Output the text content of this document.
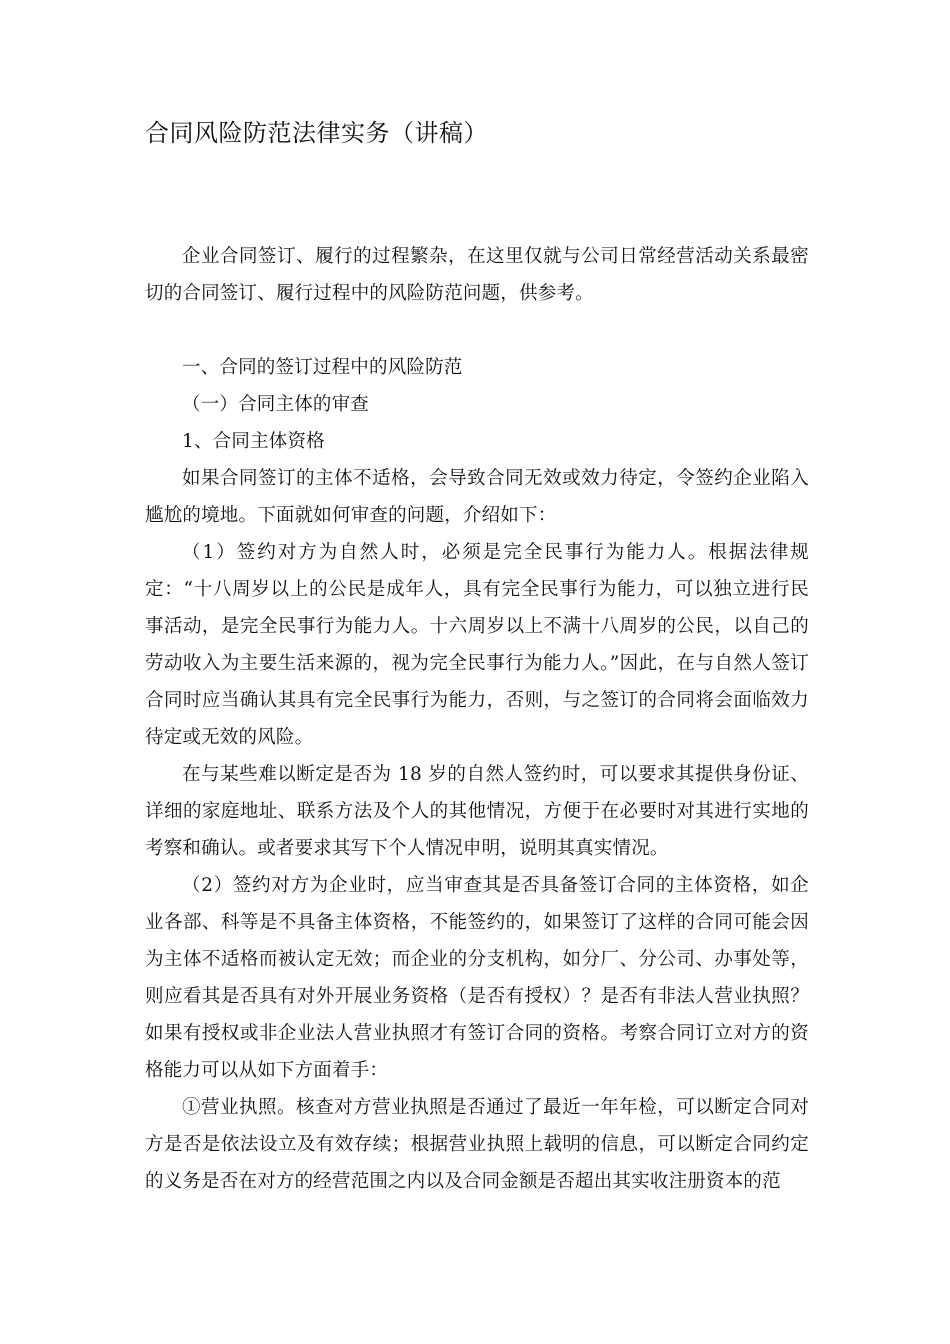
合同风险防范法律实务（讲稿）

企业合同签订、履行的过程繁杂，在这里仅就与公司日常经营活动关系最密切的合同签订、履行过程中的风险防范问题，供参考。

一、合同的签订过程中的风险防范

（一）合同主体的审查

1、合同主体资格

如果合同签订的主体不适格，会导致合同无效或效力待定，令签约企业陷入尴尬的境地。下面就如何审查的问题，介绍如下：

（1）签约对方为自然人时，必须是完全民事行为能力人。根据法律规定：“十八周岁以上的公民是成年人，具有完全民事行为能力，可以独立进行民事活动，是完全民事行为能力人。十六周岁以上不满十八周岁的公民，以自己的劳动收入为主要生活来源的，视为完全民事行为能力人。”因此，在与自然人签订合同时应当确认其具有完全民事行为能力，否则，与之签订的合同将会面临效力待定或无效的风险。

在与某些难以断定是否为 18 岁的自然人签约时，可以要求其提供身份证、详细的家庭地址、联系方法及个人的其他情况，方便于在必要时对其进行实地的考察和确认。或者要求其写下个人情况申明，说明其真实情况。

（2）签约对方为企业时，应当审查其是否具备签订合同的主体资格，如企业各部、科等是不具备主体资格，不能签约的，如果签订了这样的合同可能会因为主体不适格而被认定无效；而企业的分支机构，如分厂、分公司、办事处等，则应看其是否具有对外开展业务资格（是否有授权）？是否有非法人营业执照？如果有授权或非企业法人营业执照才有签订合同的资格。考察合同订立对方的资格能力可以从如下方面着手：

①营业执照。核查对方营业执照是否通过了最近一年年检，可以断定合同对方是否是依法设立及有效存续；根据营业执照上载明的信息，可以断定合同约定的义务是否在对方的经营范围之内以及合同金额是否超出其实收注册资本的范
